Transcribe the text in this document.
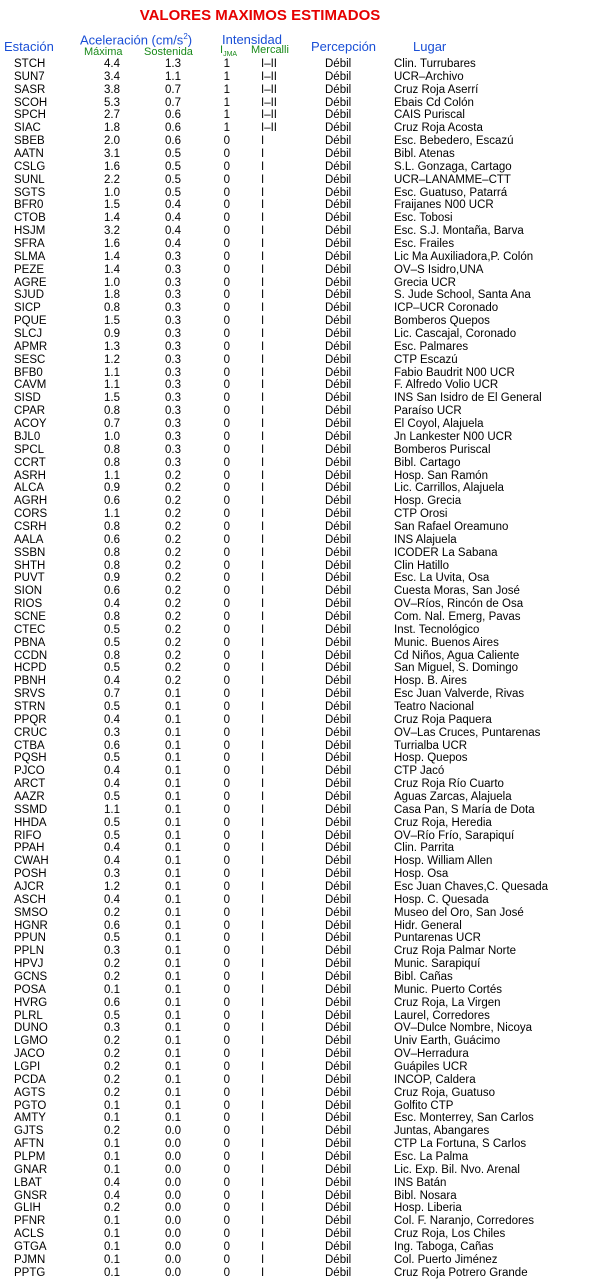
VALORES MAXIMOS ESTIMADOS
Estación Aceleración $(cm/s^2)$
Máxima Sostenida
Intensidad
$I_{JMA}$ Mercalli Percepción	Lugar
STCH	4.4	1.3	1	I–II	Débil	Clin. Turrubares
SUN7	3.4	1.1	1	I–II	Débil	UCR–Archivo
SASR	3.8	0.7	1	I–II	Débil	Cruz Roja Aserrí
SCOH	5.3	0.7	1	I–II	Débil	Ebais Cd Colón
SPCH	2.7	0.6	1	I–II	Débil	CAIS Puriscal
SIAC	1.8	0.6	1	I–II	Débil	Cruz Roja Acosta
SBEB	2.0	0.6	0	I	Débil	Esc. Bebedero, Escazú
AATN	3.1	0.5	0	I	Débil	Bibl. Atenas
CSLG	1.6	0.5	0	I	Débil	S.L. Gonzaga, Cartago
SUNL	2.2	0.5	0	I	Débil	UCR–LANAMME–CTT
SGTS	1.0	0.5	0	I	Débil	Esc. Guatuso, Patarrá
BFR0	1.5	0.4	0	I	Débil	Fraijanes N00 UCR
CTOB	1.4	0.4	0	I	Débil	Esc. Tobosi
HSJM	3.2	0.4	0	I	Débil	Esc. S.J. Montaña, Barva
SFRA	1.6	0.4	0	I	Débil	Esc. Frailes
SLMA	1.4	0.3	0	I	Débil	Lic Ma Auxiliadora,P. Colón
PEZE	1.4	0.3	0	I	Débil	OV–S Isidro,UNA
AGRE	1.0	0.3	0	I	Débil	Grecia UCR
SJUD	1.8	0.3	0	I	Débil	S. Jude School, Santa Ana
SICP	0.8	0.3	0	I	Débil	ICP–UCR Coronado
PQUE	1.5	0.3	0	I	Débil	Bomberos Quepos
SLCJ	0.9	0.3	0	I	Débil	Lic. Cascajal, Coronado
APMR	1.3	0.3	0	I	Débil	Esc. Palmares
SESC	1.2	0.3	0	I	Débil	CTP Escazú
BFB0	1.1	0.3	0	I	Débil	Fabio Baudrit N00 UCR
CAVM	1.1	0.3	0	I	Débil	F. Alfredo Volio UCR
SISD	1.5	0.3	0	I	Débil	INS San Isidro de El General
CPAR	0.8	0.3	0	I	Débil	Paraíso UCR
ACOY	0.7	0.3	0	I	Débil	El Coyol, Alajuela
BJL0	1.0	0.3	0	I	Débil	Jn Lankester N00 UCR
SPCL	0.8	0.3	0	I	Débil	Bomberos Puriscal
CCRT	0.8	0.3	0	I	Débil	Bibl. Cartago
ASRH	1.1	0.2	0	I	Débil	Hosp. San Ramón
ALCA	0.9	0.2	0	I	Débil	Lic. Carrillos, Alajuela
AGRH	0.6	0.2	0	I	Débil	Hosp. Grecia
CORS	1.1	0.2	0	I	Débil	CTP Orosi
CSRH	0.8	0.2	0	I	Débil	San Rafael Oreamuno
AALA	0.6	0.2	0	I	Débil	INS Alajuela
SSBN	0.8	0.2	0	I	Débil	ICODER La Sabana
SHTH	0.8	0.2	0	I	Débil	Clin Hatillo
PUVT	0.9	0.2	0	I	Débil	Esc. La Uvita, Osa
SION	0.6	0.2	0	I	Débil	Cuesta Moras, San José
RIOS	0.4	0.2	0	I	Débil	OV–Ríos, Rincón de Osa
SCNE	0.8	0.2	0	I	Débil	Com. Nal. Emerg, Pavas
CTEC	0.5	0.2	0	I	Débil	Inst. Tecnológico
PBNA	0.5	0.2	0	I	Débil	Munic. Buenos Aires
CCDN	0.8	0.2	0	I	Débil	Cd Niños, Agua Caliente
HCPD	0.5	0.2	0	I	Débil	San Miguel, S. Domingo
PBNH	0.4	0.2	0	I	Débil	Hosp. B. Aires
SRVS	0.7	0.1	0	I	Débil	Esc Juan Valverde, Rivas
STRN	0.5	0.1	0	I	Débil	Teatro Nacional
PPQR	0.4	0.1	0	I	Débil	Cruz Roja Paquera
CRUC	0.3	0.1	0	I	Débil	OV–Las Cruces, Puntarenas
CTBA	0.6	0.1	0	I	Débil	Turrialba UCR
PQSH	0.5	0.1	0	I	Débil	Hosp. Quepos
PJCO	0.4	0.1	0	I	Débil	CTP Jacó
ARCT	0.4	0.1	0	I	Débil	Cruz Roja Río Cuarto
AAZR	0.5	0.1	0	I	Débil	Aguas Zarcas, Alajuela
SSMD	1.1	0.1	0	I	Débil	Casa Pan, S María de Dota
HHDA	0.5	0.1	0	I	Débil	Cruz Roja, Heredia
RIFO	0.5	0.1	0	I	Débil	OV–Río Frío, Sarapiquí
PPAH	0.4	0.1	0	I	Débil	Clin. Parrita
CWAH	0.4	0.1	0	I	Débil	Hosp. William Allen
POSH	0.3	0.1	0	I	Débil	Hosp. Osa
AJCR	1.2	0.1	0	I	Débil	Esc Juan Chaves,C. Quesada
ASCH	0.4	0.1	0	I	Débil	Hosp. C. Quesada
SMSO	0.2	0.1	0	I	Débil	Museo del Oro, San José
HGNR	0.6	0.1	0	I	Débil	Hidr. General
PPUN	0.5	0.1	0	I	Débil	Puntarenas UCR
PPLN	0.3	0.1	0	I	Débil	Cruz Roja Palmar Norte
HPVJ	0.2	0.1	0	I	Débil	Munic. Sarapiquí
GCNS	0.2	0.1	0	I	Débil	Bibl. Cañas
POSA	0.1	0.1	0	I	Débil	Munic. Puerto Cortés
HVRG	0.6	0.1	0	I	Débil	Cruz Roja, La Virgen
PLRL	0.5	0.1	0	I	Débil	Laurel, Corredores
DUNO	0.3	0.1	0	I	Débil	OV–Dulce Nombre, Nicoya
LGMO	0.2	0.1	0	I	Débil	Univ Earth, Guácimo
JACO	0.2	0.1	0	I	Débil	OV–Herradura
LGPI	0.2	0.1	0	I	Débil	Guápiles UCR
PCDA	0.2	0.1	0	I	Débil	INCOP, Caldera
AGTS	0.2	0.1	0	I	Débil	Cruz Roja, Guatuso
PGTO	0.1	0.1	0	I	Débil	Golfito CTP
AMTY	0.1	0.1	0	I	Débil	Esc. Monterrey, San Carlos
GJTS	0.2	0.0	0	I	Débil	Juntas, Abangares
AFTN	0.1	0.0	0	I	Débil	CTP La Fortuna, S Carlos
PLPM	0.1	0.0	0	I	Débil	Esc. La Palma
GNAR	0.1	0.0	0	I	Débil	Lic. Exp. Bil. Nvo. Arenal
LBAT	0.4	0.0	0	I	Débil	INS Batán
GNSR	0.4	0.0	0	I	Débil	Bibl. Nosara
GLIH	0.2	0.0	0	I	Débil	Hosp. Liberia
PFNR	0.1	0.0	0	I	Débil	Col. F. Naranjo, Corredores
ACLS	0.1	0.0	0	I	Débil	Cruz Roja, Los Chiles
GTGA	0.1	0.0	0	I	Débil	Ing. Taboga, Cañas
PJMN	0.1	0.0	0	I	Débil	Col. Puerto Jiménez
PPTG	0.1	0.0	0	I	Débil	Cruz Roja Potrero Grande
